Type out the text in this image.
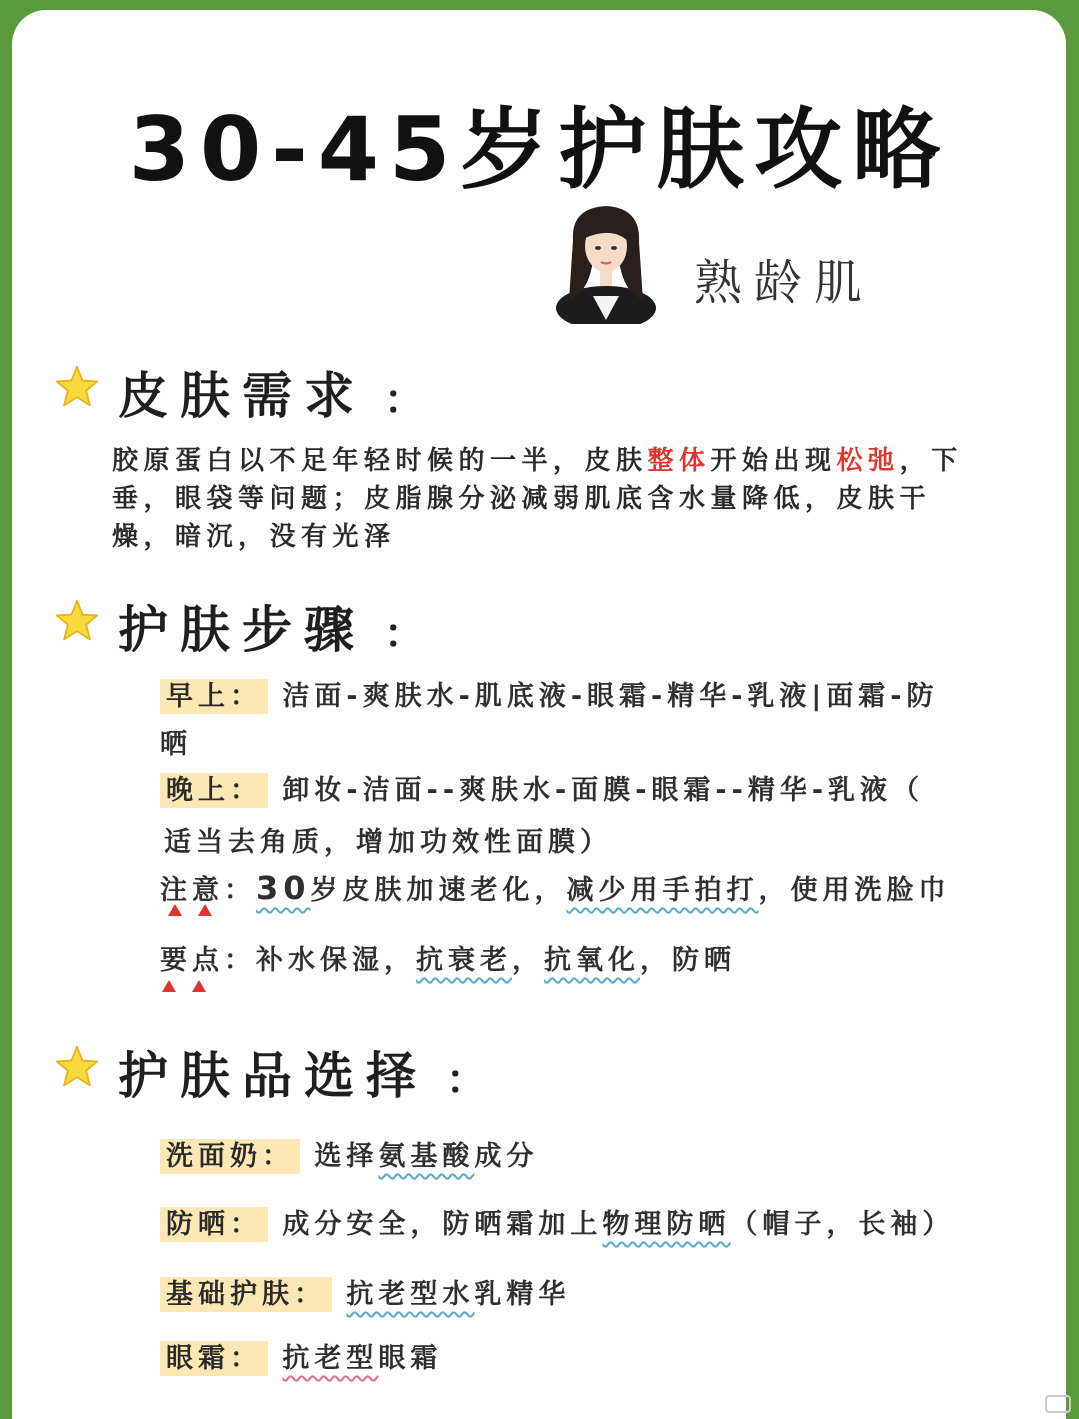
30-45岁护肤攻略
熟龄肌
皮肤需求 ：
胶原蛋白以不足年轻时候的一半，皮肤整体开始出现松弛，下垂，眼袋等问题；皮脂腺分泌减弱肌底含水量降低，皮肤干燥，暗沉，没有光泽
护肤步骤 ：
早上： 洁面-爽肤水-肌底液-眼霜-精华-乳液|面霜-防
晒
晚上： 卸妆-洁面--爽肤水-面膜-眼霜--精华-乳液（
适当去角质，增加功效性面膜）
注意：30岁皮肤加速老化，减少用手拍打，使用洗脸巾
要点：补水保湿，抗衰老，抗氧化，防晒
护肤品选择 ：
洗面奶： 选择氨基酸成分
防晒： 成分安全，防晒霜加上物理防晒（帽子，长袖）
基础护肤： 抗老型水乳精华
眼霜： 抗老型眼霜
